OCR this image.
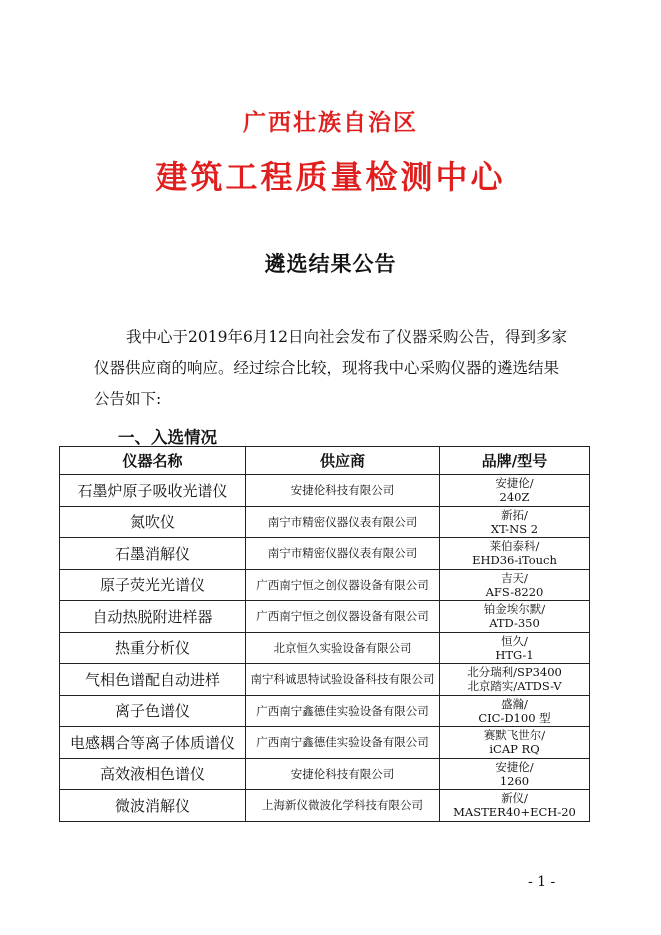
广西壮族自治区
建筑工程质量检测中心
遴选结果公告
我中心于2019年6月12日向社会发布了仪器采购公告，得到多家仪器供应商的响应。经过综合比较，现将我中心采购仪器的遴选结果公告如下:
一、入选情况
仪器名称	供应商	品牌/型号
石墨炉原子吸收光谱仪	安捷伦科技有限公司	安捷伦/
240Z

氮吹仪	南宁市精密仪器仪表有限公司	新拓/
XT-NS 2

石墨消解仪	南宁市精密仪器仪表有限公司	莱伯泰科/
EHD36-iTouch

原子荧光光谱仪	广西南宁恒之创仪器设备有限公司	吉天/
AFS-8220

自动热脱附进样器	广西南宁恒之创仪器设备有限公司	铂金埃尔默/
ATD-350

热重分析仪	北京恒久实验设备有限公司	恒久/
HTG-1

气相色谱配自动进样	南宁科诚思特试验设备科技有限公司	北分瑞利/SP3400
北京踏实/ATDS-V

离子色谱仪	广西南宁鑫德佳实验设备有限公司	盛瀚/
CIC-D100 型

电感耦合等离子体质谱仪	广西南宁鑫德佳实验设备有限公司	赛默飞世尔/
iCAP RQ

高效液相色谱仪	安捷伦科技有限公司	安捷伦/
1260

微波消解仪	上海新仪微波化学科技有限公司	新仪/
MASTER40+ECH-20
- 1 -
